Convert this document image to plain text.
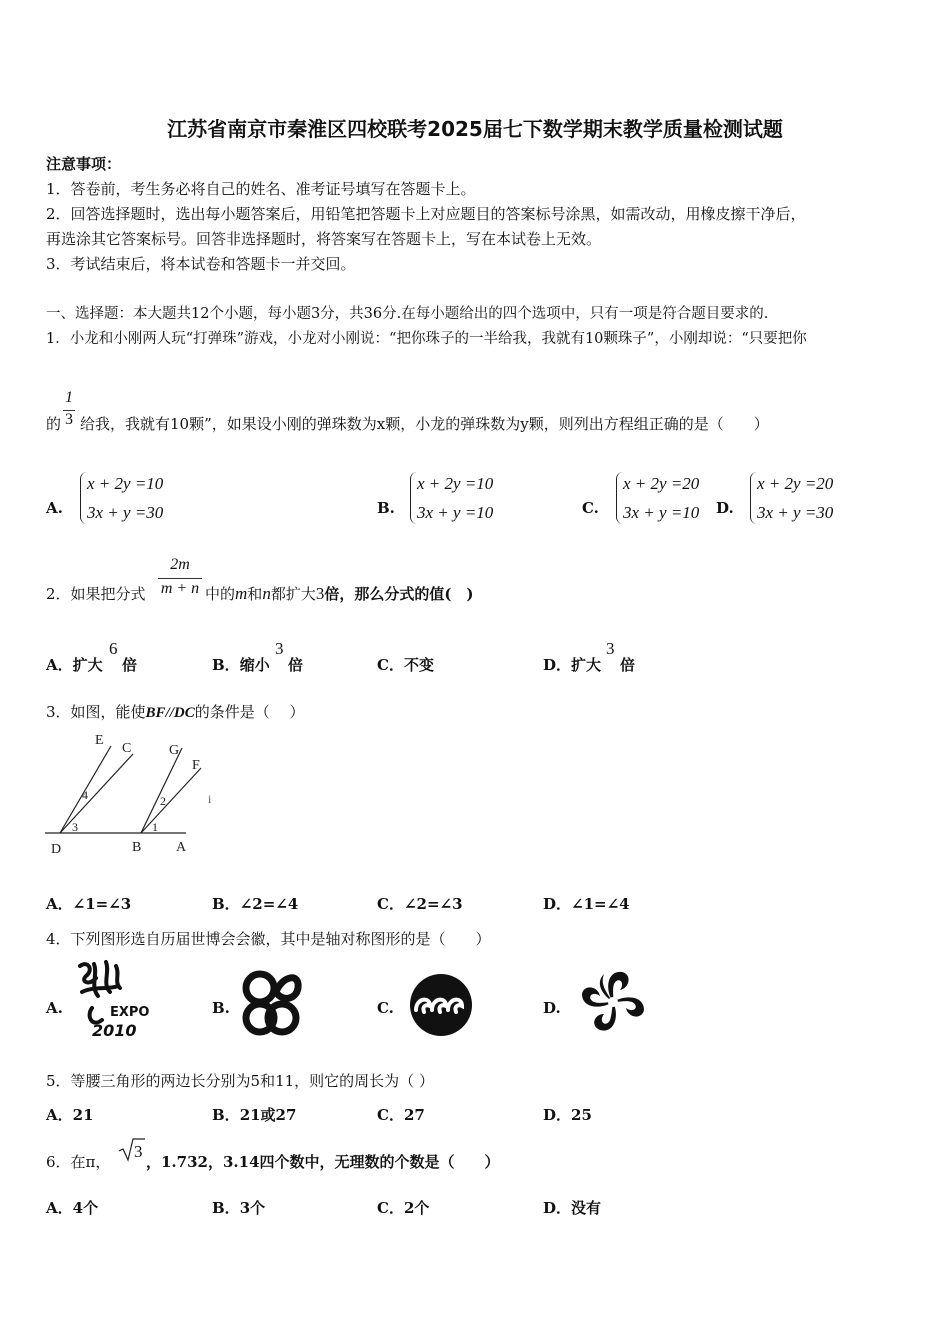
江苏省南京市秦淮区四校联考2025届七下数学期末教学质量检测试题
注意事项：
1．答卷前，考生务必将自己的姓名、准考证号填写在答题卡上。
2．回答选择题时，选出每小题答案后，用铅笔把答题卡上对应题目的答案标号涂黑，如需改动，用橡皮擦干净后，
再选涂其它答案标号。回答非选择题时，将答案写在答题卡上，写在本试卷上无效。
3．考试结束后，将本试卷和答题卡一并交回。
一、选择题：本大题共12个小题，每小题3分，共36分.在每小题给出的四个选项中，只有一项是符合题目要求的.
1．小龙和小刚两人玩“打弹珠”游戏，小龙对小刚说：“把你珠子的一半给我，我就有10颗珠子”，小刚却说：“只要把你
的
1
3 给我，我就有10颗”，如果设小刚的弹珠数为x颗，小龙的弹珠数为y颗，则列出方程组正确的是（　　）
A.
x + 2y =10
3x + y =30	B.
x + 2y =10
3x + y =10	C.
x + 2y =20
3x + y =10 D.
x + 2y =20
3x + y =30
2．如果把分式
2m
m + n 中的m和n都扩大3倍，那么分式的值(　)
A．扩大
6
倍	B．缩小
3
倍	C．不变	D．扩大
3
倍
3．如图，能使BF//DC的条件是（　 ）
E
C	G
F
D	B A
1
2
3
4	i
A．∠1=∠3	B．∠2=∠4	C．∠2=∠3	D．∠1=∠4
4．下列图形选自历届世博会会徽，其中是轴对称图形的是（　　）
A.	EXPO
2010
B.	C.	D.
5．等腰三角形的两边长分别为5和11，则它的周长为（ ）
A．21	B．21或27	C．27	D．25
6．在π，
3
，1.732，3.14四个数中，无理数的个数是（　　）
A．4个	B．3个	C．2个	D．没有
